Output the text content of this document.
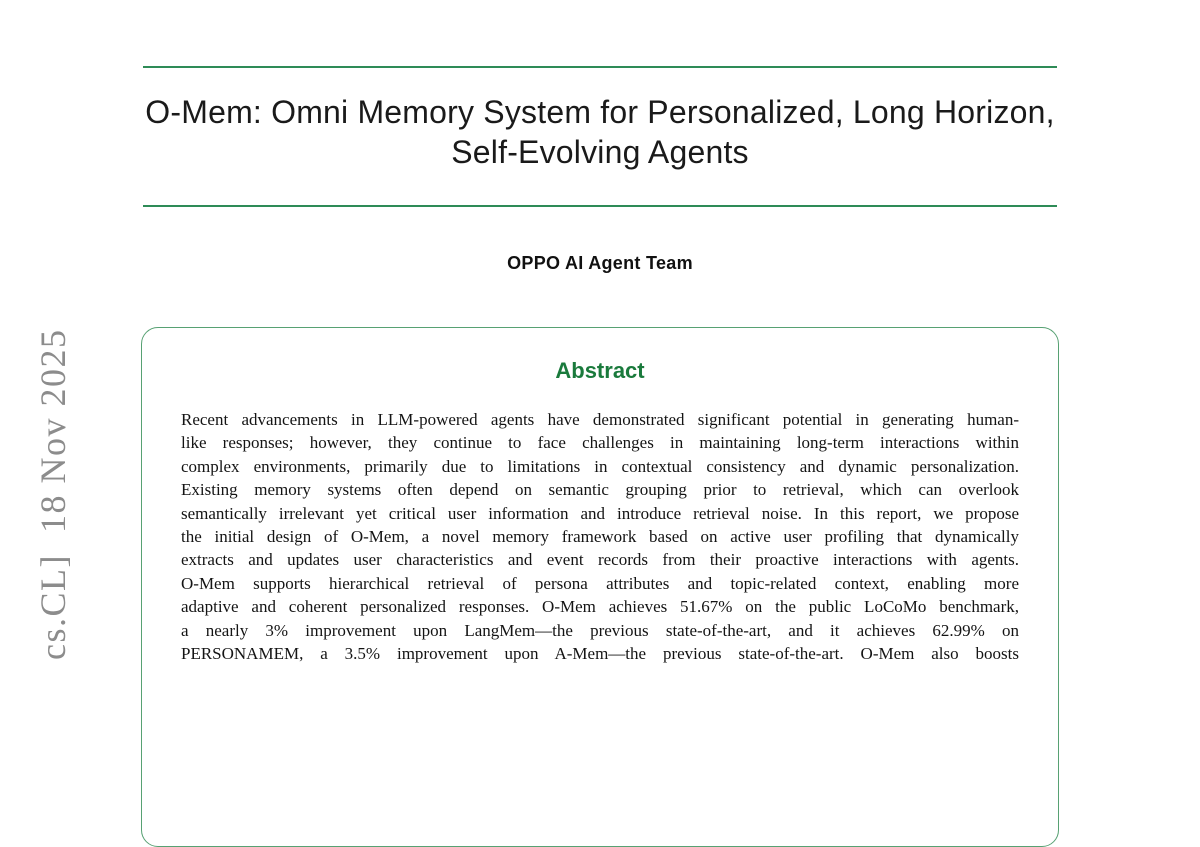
cs.CL]  18 Nov 2025
O-Mem: Omni Memory System for Personalized, Long Horizon,
Self-Evolving Agents
OPPO AI Agent Team
Abstract
Recent advancements in LLM-powered agents have demonstrated significant potential in generating human-
like responses; however, they continue to face challenges in maintaining long-term interactions within
complex environments, primarily due to limitations in contextual consistency and dynamic personalization.
Existing memory systems often depend on semantic grouping prior to retrieval, which can overlook
semantically irrelevant yet critical user information and introduce retrieval noise. In this report, we propose
the initial design of O-Mem, a novel memory framework based on active user profiling that dynamically
extracts and updates user characteristics and event records from their proactive interactions with agents.
O-Mem supports hierarchical retrieval of persona attributes and topic-related context, enabling more
adaptive and coherent personalized responses. O-Mem achieves 51.67% on the public LoCoMo benchmark,
a nearly 3% improvement upon LangMem—the previous state-of-the-art, and it achieves 62.99% on
PERSONAMEM, a 3.5% improvement upon A-Mem—the previous state-of-the-art. O-Mem also boosts
